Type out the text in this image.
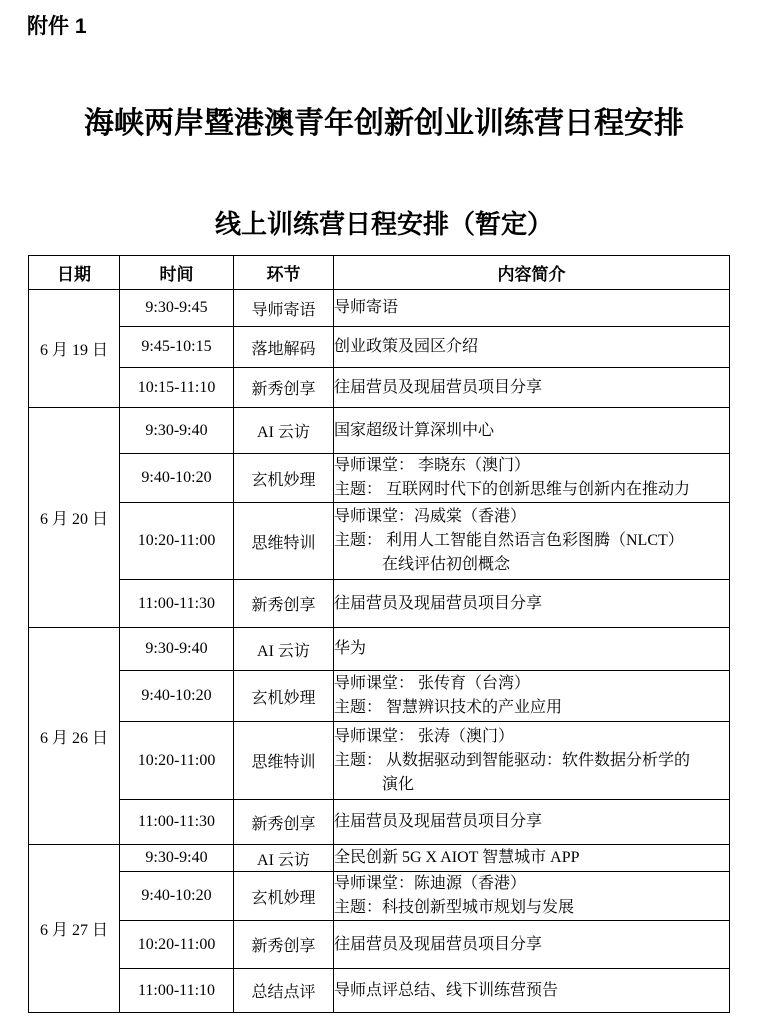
附件 1
海峡两岸暨港澳青年创新创业训练营日程安排
线上训练营日程安排（暂定）
日期	时间	环节	内容简介
6 月 19 日	9:30-9:45	导师寄语	导师寄语

	9:45-10:15	落地解码	创业政策及园区介绍

	10:15-11:10	新秀创享	往届营员及现届营员项目分享

6 月 20 日	9:30-9:40	AI 云访	国家超级计算深圳中心

	9:40-10:20	玄机妙理	导师课堂： 李晓东（澳门）
主题： 互联网时代下的创新思维与创新内在推动力

	10:20-11:00	思维特训	导师课堂：冯威棠（香港）
主题： 利用人工智能自然语言色彩图腾（NLCT）
在线评估初创概念

	11:00-11:30	新秀创享	往届营员及现届营员项目分享

6 月 26 日	9:30-9:40	AI 云访	华为

	9:40-10:20	玄机妙理	导师课堂： 张传育（台湾）
主题： 智慧辨识技术的产业应用

	10:20-11:00	思维特训	导师课堂： 张涛（澳门）
主题： 从数据驱动到智能驱动：软件数据分析学的
演化

	11:00-11:30	新秀创享	往届营员及现届营员项目分享

6 月 27 日	9:30-9:40	AI 云访	全民创新 5G X AIOT 智慧城市 APP

	9:40-10:20	玄机妙理	导师课堂：陈迪源（香港）
主题：科技创新型城市规划与发展

	10:20-11:00	新秀创享	往届营员及现届营员项目分享

	11:00-11:10	总结点评	导师点评总结、线下训练营预告
